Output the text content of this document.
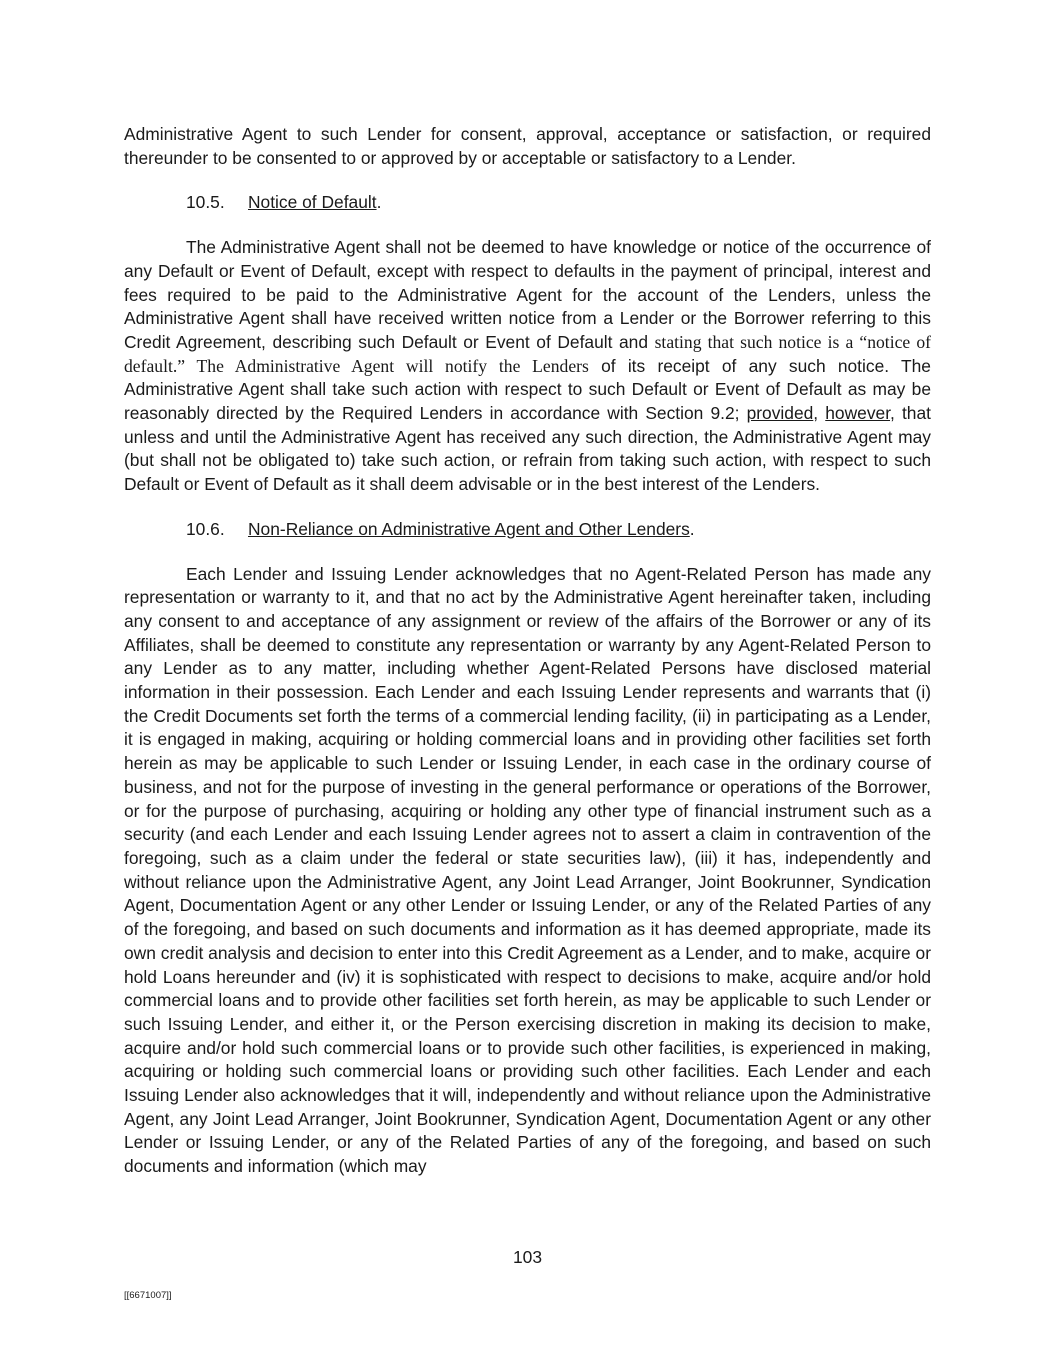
Administrative Agent to such Lender for consent, approval, acceptance or satisfaction, or required thereunder to be consented to or approved by or acceptable or satisfactory to a Lender.

10.5. Notice of Default.

The Administrative Agent shall not be deemed to have knowledge or notice of the occurrence of any Default or Event of Default, except with respect to defaults in the payment of principal, interest and fees required to be paid to the Administrative Agent for the account of the Lenders, unless the Administrative Agent shall have received written notice from a Lender or the Borrower referring to this Credit Agreement, describing such Default or Event of Default and stating that such notice is a “notice of default.” The Administrative Agent will notify the Lenders of its receipt of any such notice. The Administrative Agent shall take such action with respect to such Default or Event of Default as may be reasonably directed by the Required Lenders in accordance with Section 9.2; provided, however, that unless and until the Administrative Agent has received any such direction, the Administrative Agent may (but shall not be obligated to) take such action, or refrain from taking such action, with respect to such Default or Event of Default as it shall deem advisable or in the best interest of the Lenders.

10.6. Non-Reliance on Administrative Agent and Other Lenders.

Each Lender and Issuing Lender acknowledges that no Agent-Related Person has made any representation or warranty to it, and that no act by the Administrative Agent hereinafter taken, including any consent to and acceptance of any assignment or review of the affairs of the Borrower or any of its Affiliates, shall be deemed to constitute any representation or warranty by any Agent-Related Person to any Lender as to any matter, including whether Agent-Related Persons have disclosed material information in their possession. Each Lender and each Issuing Lender represents and warrants that (i) the Credit Documents set forth the terms of a commercial lending facility, (ii) in participating as a Lender, it is engaged in making, acquiring or holding commercial loans and in providing other facilities set forth herein as may be applicable to such Lender or Issuing Lender, in each case in the ordinary course of business, and not for the purpose of investing in the general performance or operations of the Borrower, or for the purpose of purchasing, acquiring or holding any other type of financial instrument such as a security (and each Lender and each Issuing Lender agrees not to assert a claim in contravention of the foregoing, such as a claim under the federal or state securities law), (iii) it has, independently and without reliance upon the Administrative Agent, any Joint Lead Arranger, Joint Bookrunner, Syndication Agent, Documentation Agent or any other Lender or Issuing Lender, or any of the Related Parties of any of the foregoing, and based on such documents and information as it has deemed appropriate, made its own credit analysis and decision to enter into this Credit Agreement as a Lender, and to make, acquire or hold Loans hereunder and (iv) it is sophisticated with respect to decisions to make, acquire and/or hold commercial loans and to provide other facilities set forth herein, as may be applicable to such Lender or such Issuing Lender, and either it, or the Person exercising discretion in making its decision to make, acquire and/or hold such commercial loans or to provide such other facilities, is experienced in making, acquiring or holding such commercial loans or providing such other facilities. Each Lender and each Issuing Lender also acknowledges that it will, independently and without reliance upon the Administrative Agent, any Joint Lead Arranger, Joint Bookrunner, Syndication Agent, Documentation Agent or any other Lender or Issuing Lender, or any of the Related Parties of any of the foregoing, and based on such documents and information (which may

103
[[6671007]]
